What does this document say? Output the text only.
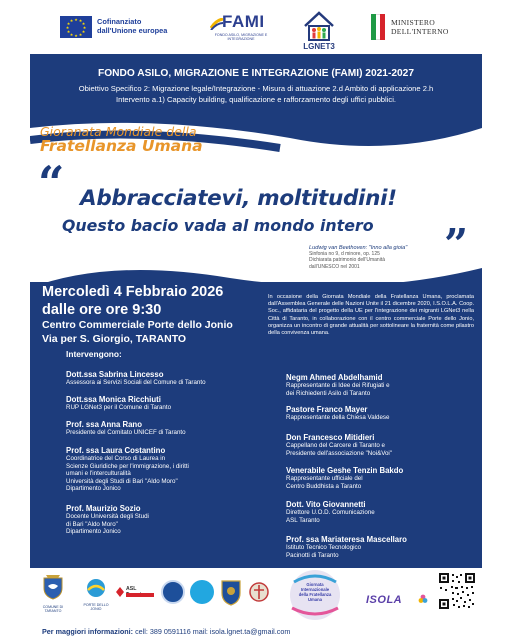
★ ★
★
★
★
★
★
★
★
★
★
★	Cofinanziato
dall'Unione europea	FAMI
FONDO ASILO, MIGRAZIONE E INTEGRAZIONE
LGNET3
MINISTERO
DELL'INTERNO
FONDO ASILO, MIGRAZIONE E INTEGRAZIONE (FAMI) 2021-2027
Obiettivo Specifico 2: Migrazione legale/Integrazione - Misura di attuazione 2.d Ambito di applicazione 2.h
Intervento a.1) Capacity building, qualificazione e rafforzamento degli uffici pubblici.
Gioranata Mondiale della
Fratellanza Umana
“ Abbracciatevi, moltitudini!
Questo bacio vada al mondo intero ”
Ludwig van Beethoven: "Inno alla gioia"
Sinfonia no 9, d minore, op. 125
Dichiarata patrimonio dell'Umanità
dall'UNESCO nel 2001
Mercoledì 4 Febbraio 2026
dalle ore ore 9:30
Centro Commerciale Porte dello Jonio
Via per S. Giorgio, TARANTO
In occasione della Giornata Mondiale della Fratellanza Umana, proclamata dall'Assemblea Generale delle Nazioni Unite il 21 dicembre 2020, I.S.O.L.A. Coop. Soc., affidataria del progetto della UE per l'integrazione dei migranti LGNet3 nella Città di Taranto, in collaborazione con il centro commerciale Porte dello Jonio, organizza un incontro di grande attualità per sottolineare la fraternità come pilastro della convivenza umana.
Intervengono:
Dott.ssa Sabrina Lincesso
Assessora ai Servizi Sociali del Comune di Taranto
Dott.ssa Monica Ricchiuti
RUP LGNet3 per il Comune di Taranto
Prof. ssa Anna Rano
Presidente del Comitato UNICEF di Taranto
Prof. ssa Laura Costantino
Coordinatrice del Corso di Laurea in
Scienze Giuridiche per l'immigrazione, i diritti
umani e l'interculturalità
Università degli Studi di Bari "Aldo Moro"
Dipartimento Jonico
Prof. Maurizio Sozio
Docente Università degli Studi
di Bari "Aldo Moro"
Dipartimento Jonico
Negm Ahmed Abdelhamid
Rappresentante di Idee dei Rifugiati e
dei Richiedenti Asilo di Taranto
Pastore Franco Mayer
Rappresentante della Chiesa Valdese
Don Francesco Mitidieri
Cappellano del Carcere di Taranto e
Presidente dell'associazione "Noi&Voi"
Venerabile Geshe Tenzin Bakdo
Rappresentante ufficiale del
Centro Buddhista a Taranto
Dott. Vito Giovannetti
Direttore U.O.D. Comunicazione
ASL Taranto
Prof. ssa Mariateresa Mascellaro
Istituto Tecnico Tecnologico
Pacinotti di Taranto
COMUNE DI TARANTO
PORTE DELLO JONIO
ASL
Giornata Internazionale della Fratellanza Umana	ISOLA
Per maggiori informazioni: cell: 389 0591116 mail: isola.lgnet.ta@gmail.com
